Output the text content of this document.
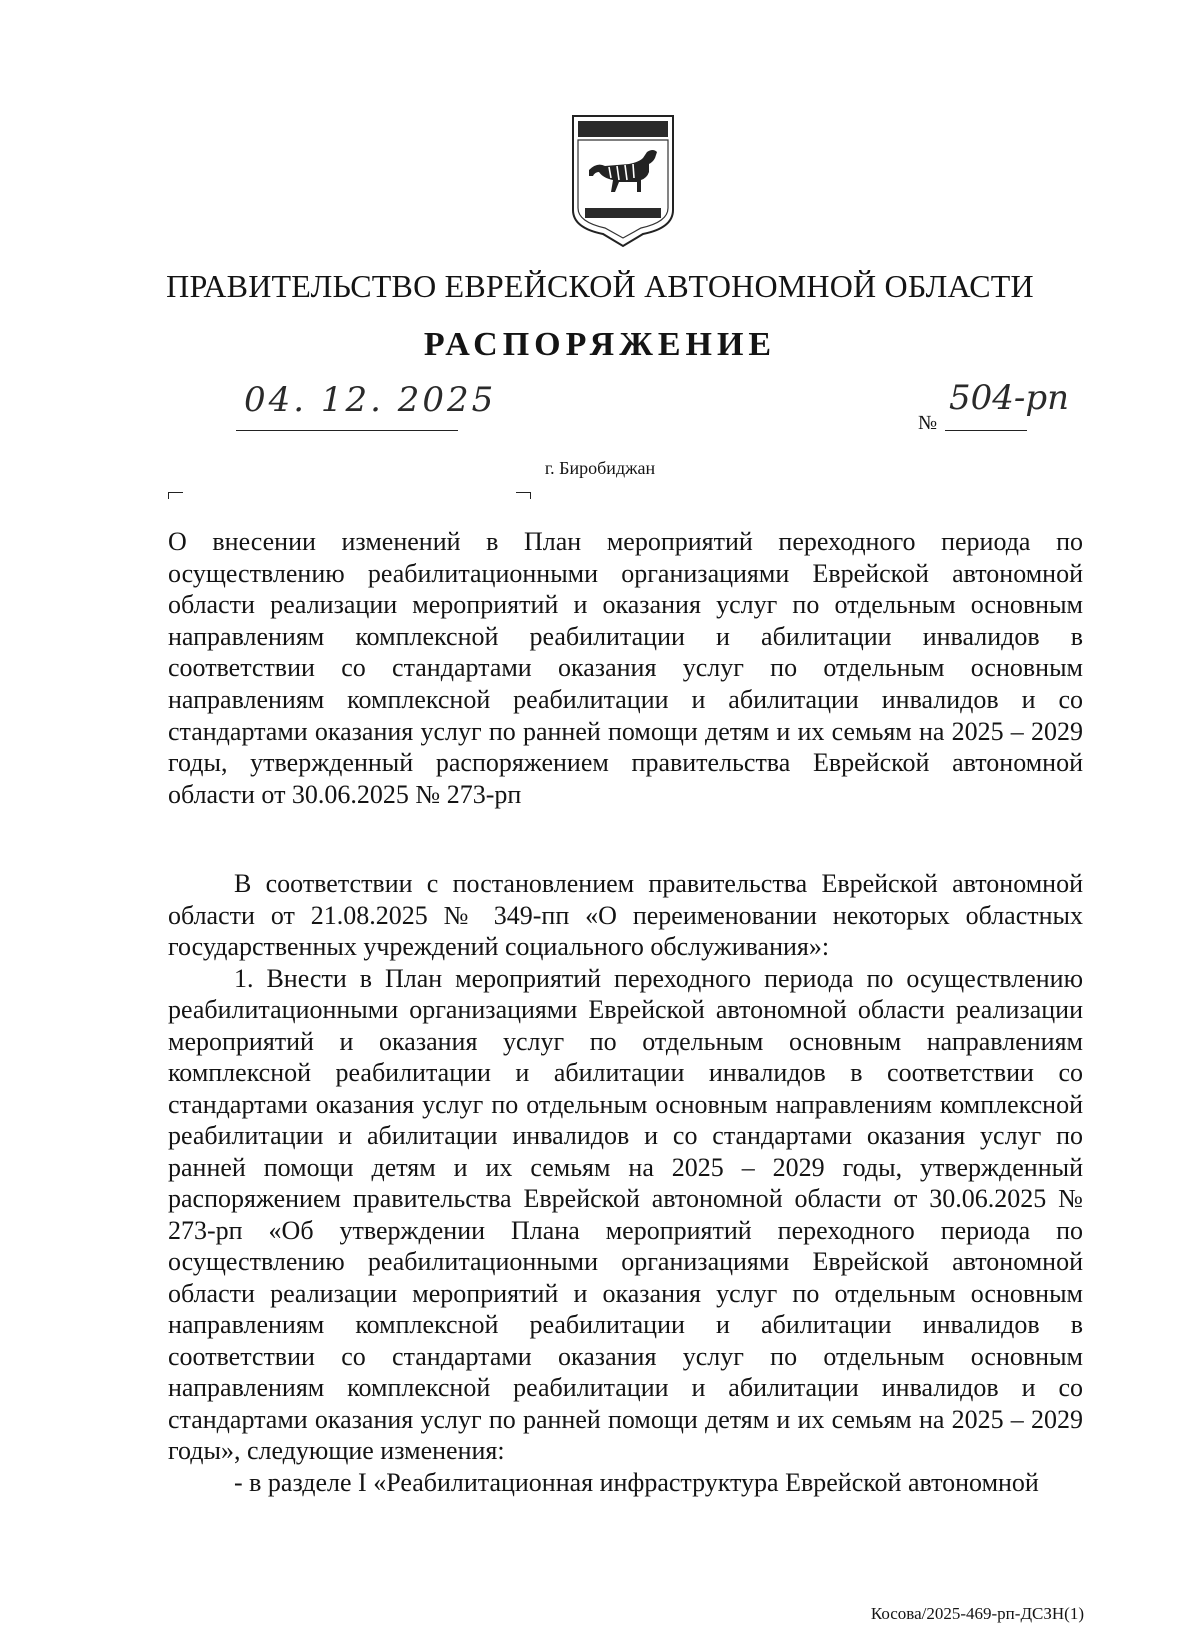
ПРАВИТЕЛЬСТВО ЕВРЕЙСКОЙ АВТОНОМНОЙ ОБЛАСТИ
РАСПОРЯЖЕНИЕ
04. 12. 2025
№
504-рп
г. Биробиджан

О внесении изменений в План мероприятий переходного периода по осуществлению реабилитационными организациями Еврейской автономной области реализации мероприятий и оказания услуг по отдельным основным направлениям комплексной реабилитации и абилитации инвалидов в соответствии со стандартами оказания услуг по отдельным основным направлениям комплексной реабилитации и абилитации инвалидов и со стандартами оказания услуг по ранней помощи детям и их семьям на 2025 – 2029 годы, утвержденный распоряжением правительства Еврейской автономной области от 30.06.2025 № 273-рп

В соответствии с постановлением правительства Еврейской автономной области от 21.08.2025 № 349-пп «О переименовании некоторых областных государственных учреждений социального обслуживания»:

1. Внести в План мероприятий переходного периода по осуществлению реабилитационными организациями Еврейской автономной области реализации мероприятий и оказания услуг по отдельным основным направлениям комплексной реабилитации и абилитации инвалидов в соответствии со стандартами оказания услуг по отдельным основным направлениям комплексной реабилитации и абилитации инвалидов и со стандартами оказания услуг по ранней помощи детям и их семьям на 2025 – 2029 годы, утвержденный распоряжением правительства Еврейской автономной области от 30.06.2025 № 273-рп «Об утверждении Плана мероприятий переходного периода по осуществлению реабилитационными организациями Еврейской автономной области реализации мероприятий и оказания услуг по отдельным основным направлениям комплексной реабилитации и абилитации инвалидов в соответствии со стандартами оказания услуг по отдельным основным направлениям комплексной реабилитации и абилитации инвалидов и со стандартами оказания услуг по ранней помощи детям и их семьям на 2025 – 2029 годы», следующие изменения:

- в разделе I «Реабилитационная инфраструктура Еврейской автономной

Косова/2025-469-рп-ДСЗН(1)
